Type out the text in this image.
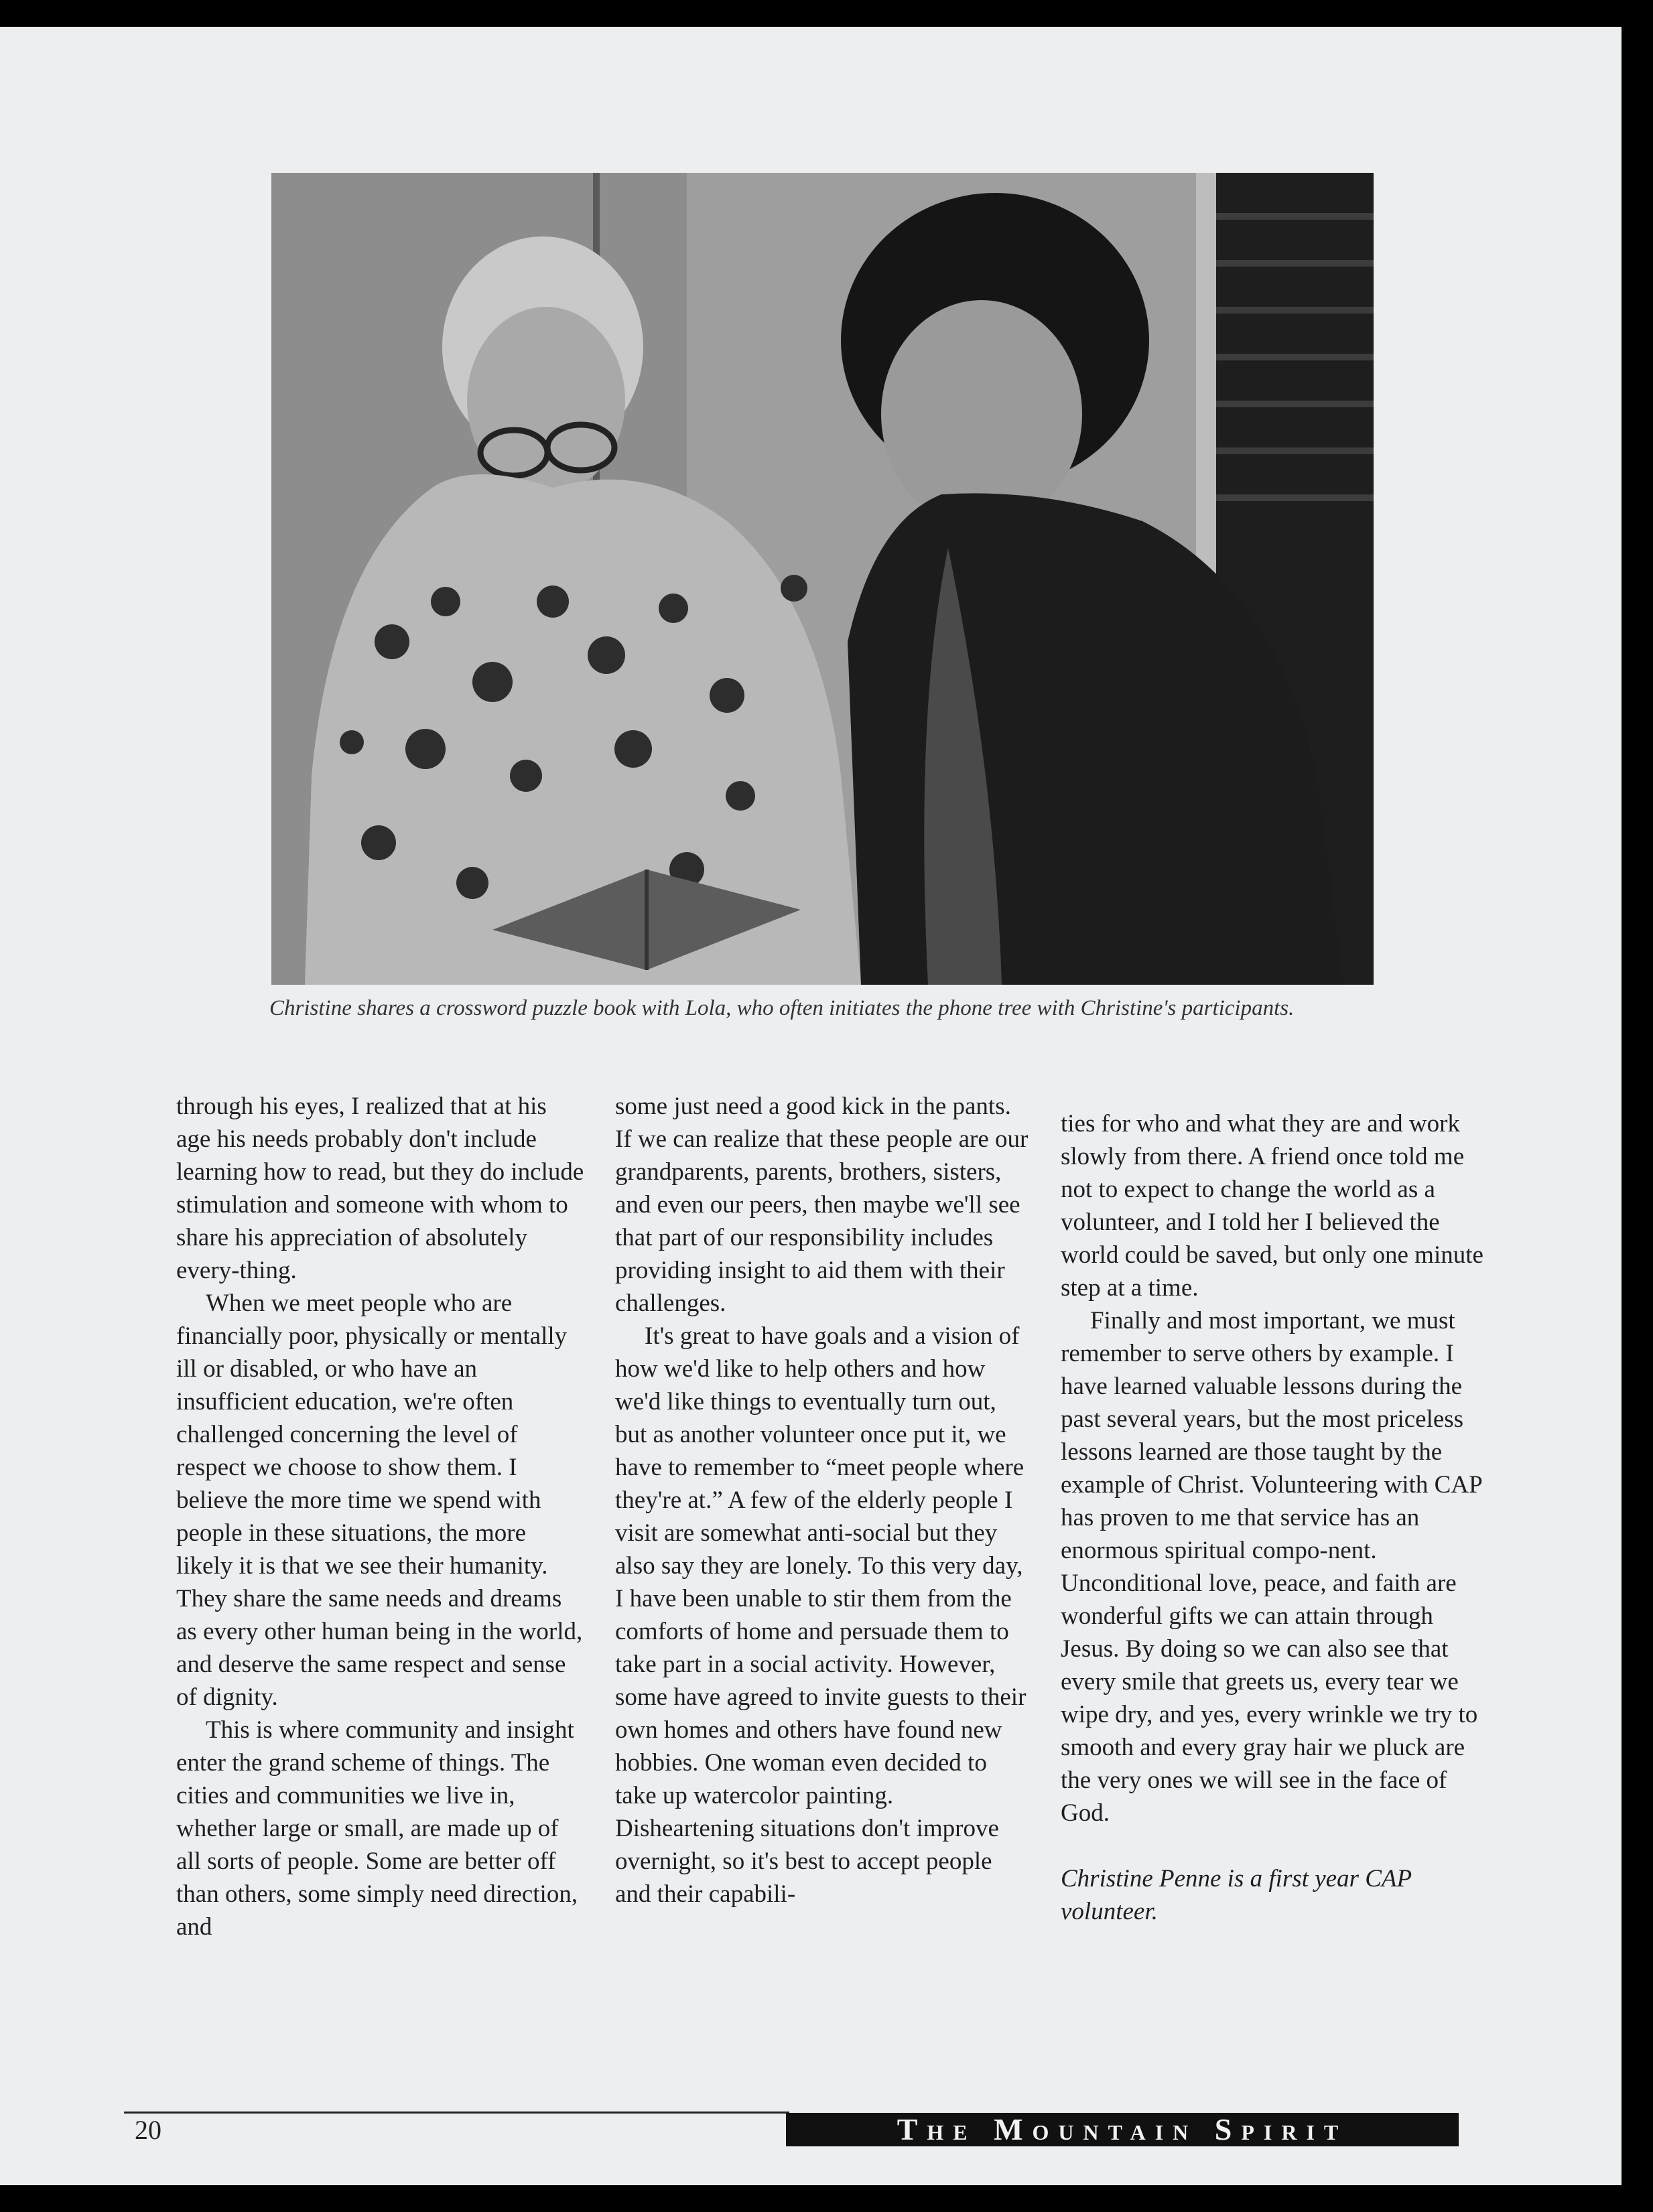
Christine shares a crossword puzzle book with Lola, who often initiates the phone tree with Christine's participants.

through his eyes, I realized that at his age his needs probably don't include learning how to read, but they do include stimulation and someone with whom to share his appreciation of absolutely every-thing.

When we meet people who are financially poor, physically or mentally ill or disabled, or who have an insufficient education, we're often challenged concerning the level of respect we choose to show them. I believe the more time we spend with people in these situations, the more likely it is that we see their humanity. They share the same needs and dreams as every other human being in the world, and deserve the same respect and sense of dignity.

This is where community and insight enter the grand scheme of things. The cities and communities we live in, whether large or small, are made up of all sorts of people. Some are better off than others, some simply need direction, and

some just need a good kick in the pants. If we can realize that these people are our grandparents, parents, brothers, sisters, and even our peers, then maybe we'll see that part of our responsibility includes providing insight to aid them with their challenges.

It's great to have goals and a vision of how we'd like to help others and how we'd like things to eventually turn out, but as another volunteer once put it, we have to remember to “meet people where they're at.” A few of the elderly people I visit are somewhat anti-social but they also say they are lonely. To this very day, I have been unable to stir them from the comforts of home and persuade them to take part in a social activity. However, some have agreed to invite guests to their own homes and others have found new hobbies. One woman even decided to take up watercolor painting. Disheartening situations don't improve overnight, so it's best to accept people and their capabili-

ties for who and what they are and work slowly from there. A friend once told me not to expect to change the world as a volunteer, and I told her I believed the world could be saved, but only one minute step at a time.

Finally and most important, we must remember to serve others by example. I have learned valuable lessons during the past several years, but the most priceless lessons learned are those taught by the example of Christ. Volunteering with CAP has proven to me that service has an enormous spiritual compo-nent. Unconditional love, peace, and faith are wonderful gifts we can attain through Jesus. By doing so we can also see that every smile that greets us, every tear we wipe dry, and yes, every wrinkle we try to smooth and every gray hair we pluck are the very ones we will see in the face of God.

Christine Penne is a first year CAP volunteer.

20	The Mountain Spirit
